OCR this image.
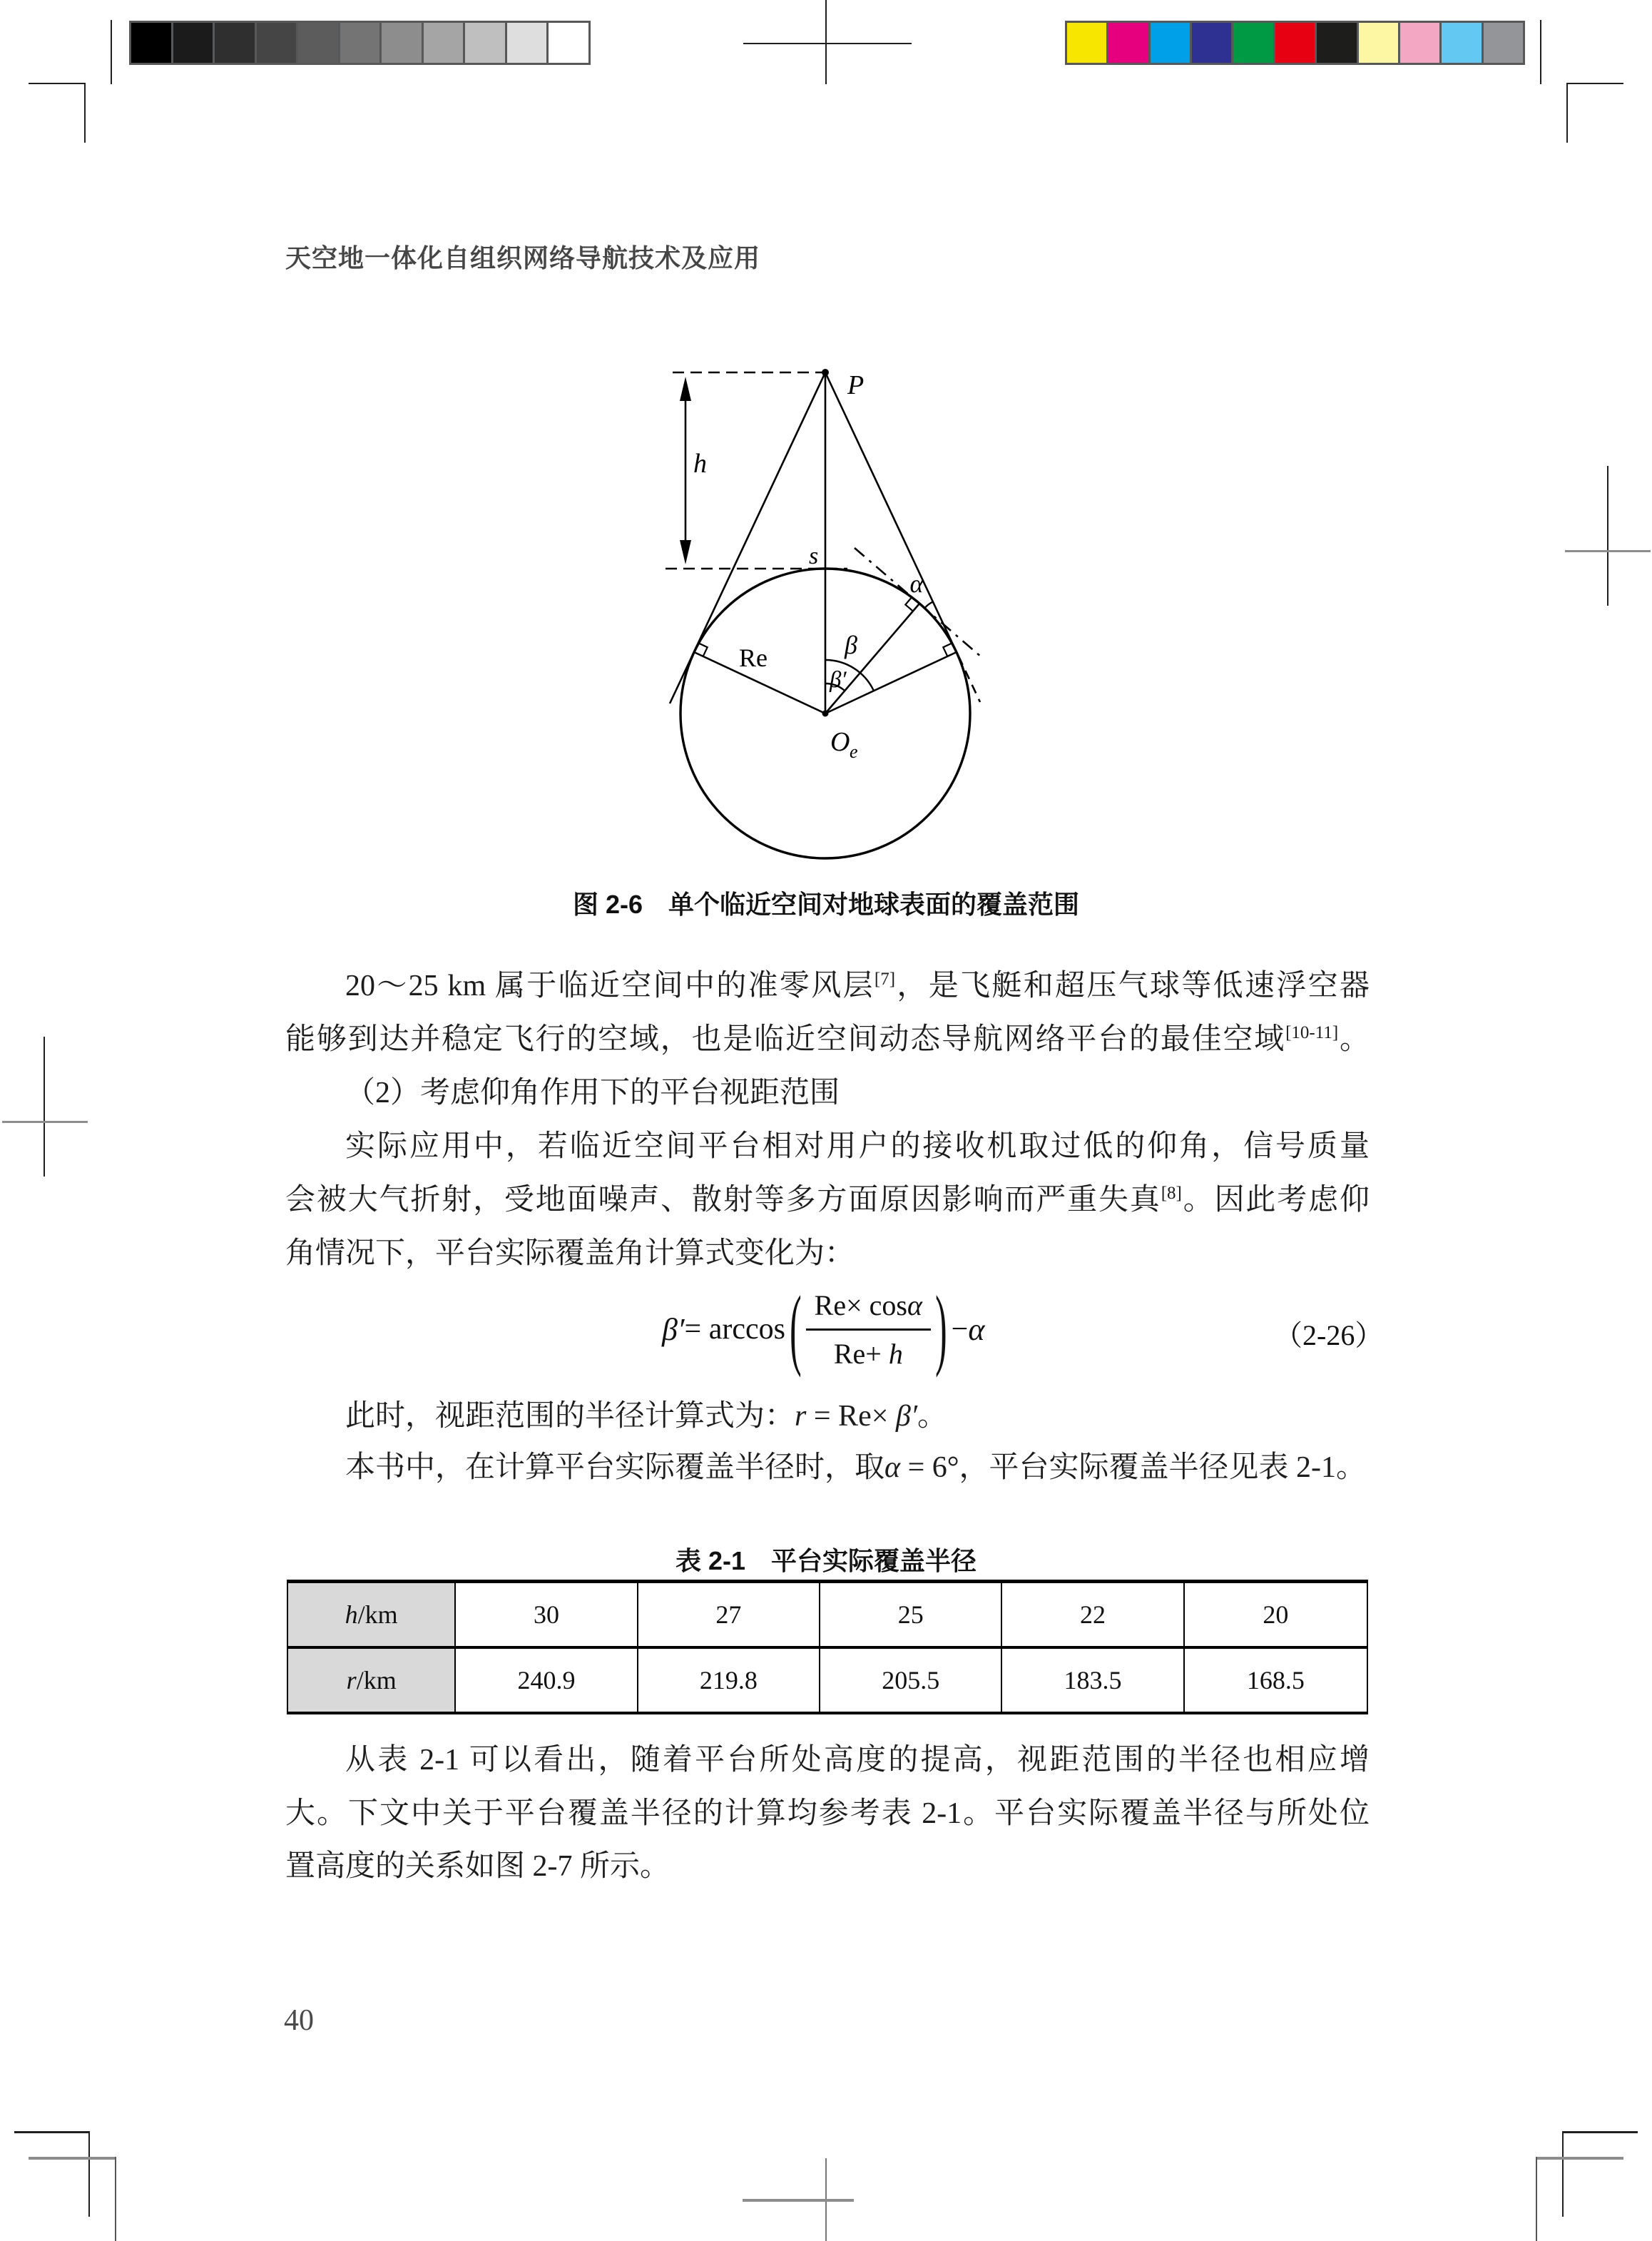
天空地一体化自组织网络导航技术及应用
P
h
s
α
β
β′
Re
O e
图 2-6　单个临近空间对地球表面的覆盖范围
20～25 km 属于临近空间中的准零风层[7]，是飞艇和超压气球等低速浮空器
能够到达并稳定飞行的空域，也是临近空间动态导航网络平台的最佳空域[10-11]。
（2）考虑仰角作用下的平台视距范围
实际应用中，若临近空间平台相对用户的接收机取过低的仰角，信号质量
会被大气折射，受地面噪声、散射等多方面原因影响而严重失真[8]。因此考虑仰
角情况下，平台实际覆盖角计算式变化为：
β′ = arccos ( $\frac{Re\times \cos\alpha}{Re+ h}$ ) − α	（2-26）
此时，视距范围的半径计算式为：r = Re× β′。
本书中，在计算平台实际覆盖半径时，取α = 6°，平台实际覆盖半径见表 2-1。
表 2-1　平台实际覆盖半径
h /km	30	27	25	22	20
r /km	240.9	219.8	205.5	183.5	168.5
从表 2-1 可以看出，随着平台所处高度的提高，视距范围的半径也相应增
大。下文中关于平台覆盖半径的计算均参考表 2-1。平台实际覆盖半径与所处位
置高度的关系如图 2-7 所示。
40
